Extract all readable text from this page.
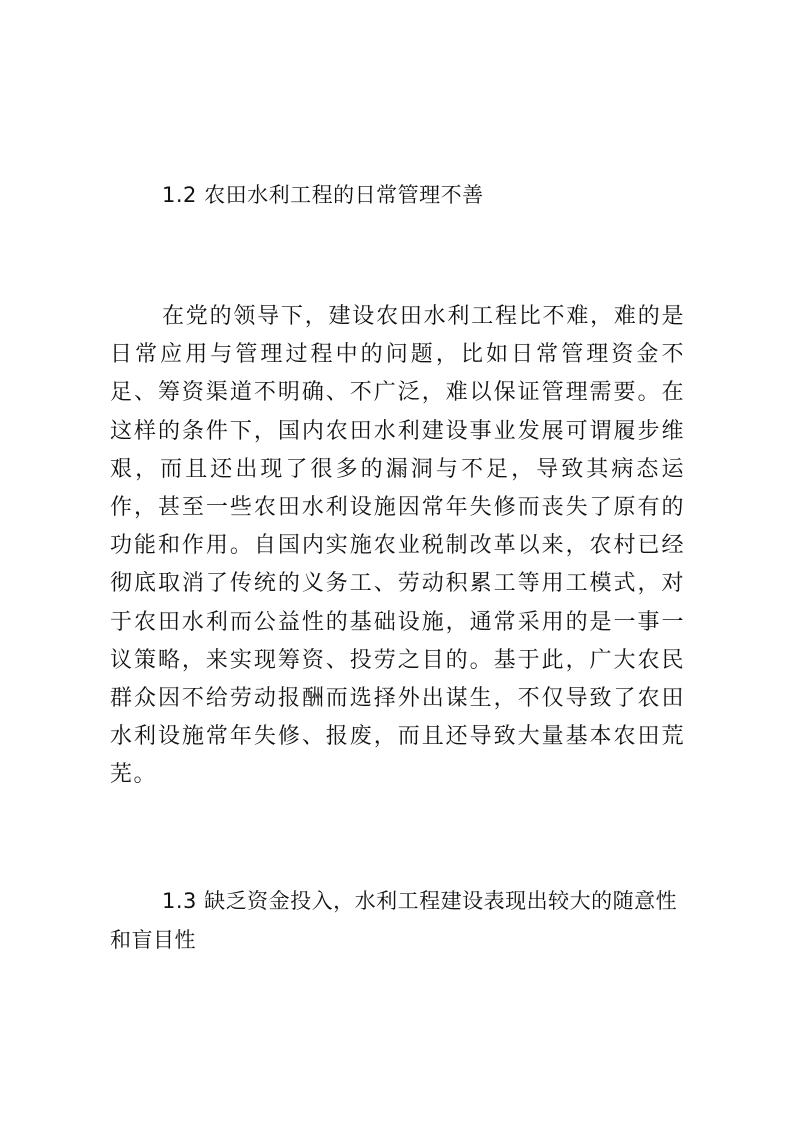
1.2 农田水利工程的日常管理不善

在党的领导下，建设农田水利工程比不难，难的是日常应用与管理过程中的问题，比如日常管理资金不足、筹资渠道不明确、不广泛，难以保证管理需要。在这样的条件下，国内农田水利建设事业发展可谓履步维艰，而且还出现了很多的漏洞与不足，导致其病态运作，甚至一些农田水利设施因常年失修而丧失了原有的功能和作用。自国内实施农业税制改革以来，农村已经彻底取消了传统的义务工、劳动积累工等用工模式，对于农田水利而公益性的基础设施，通常采用的是一事一议策略，来实现筹资、投劳之目的。基于此，广大农民群众因不给劳动报酬而选择外出谋生，不仅导致了农田水利设施常年失修、报废，而且还导致大量基本农田荒芜。

1.3 缺乏资金投入，水利工程建设表现出较大的随意性和盲目性
